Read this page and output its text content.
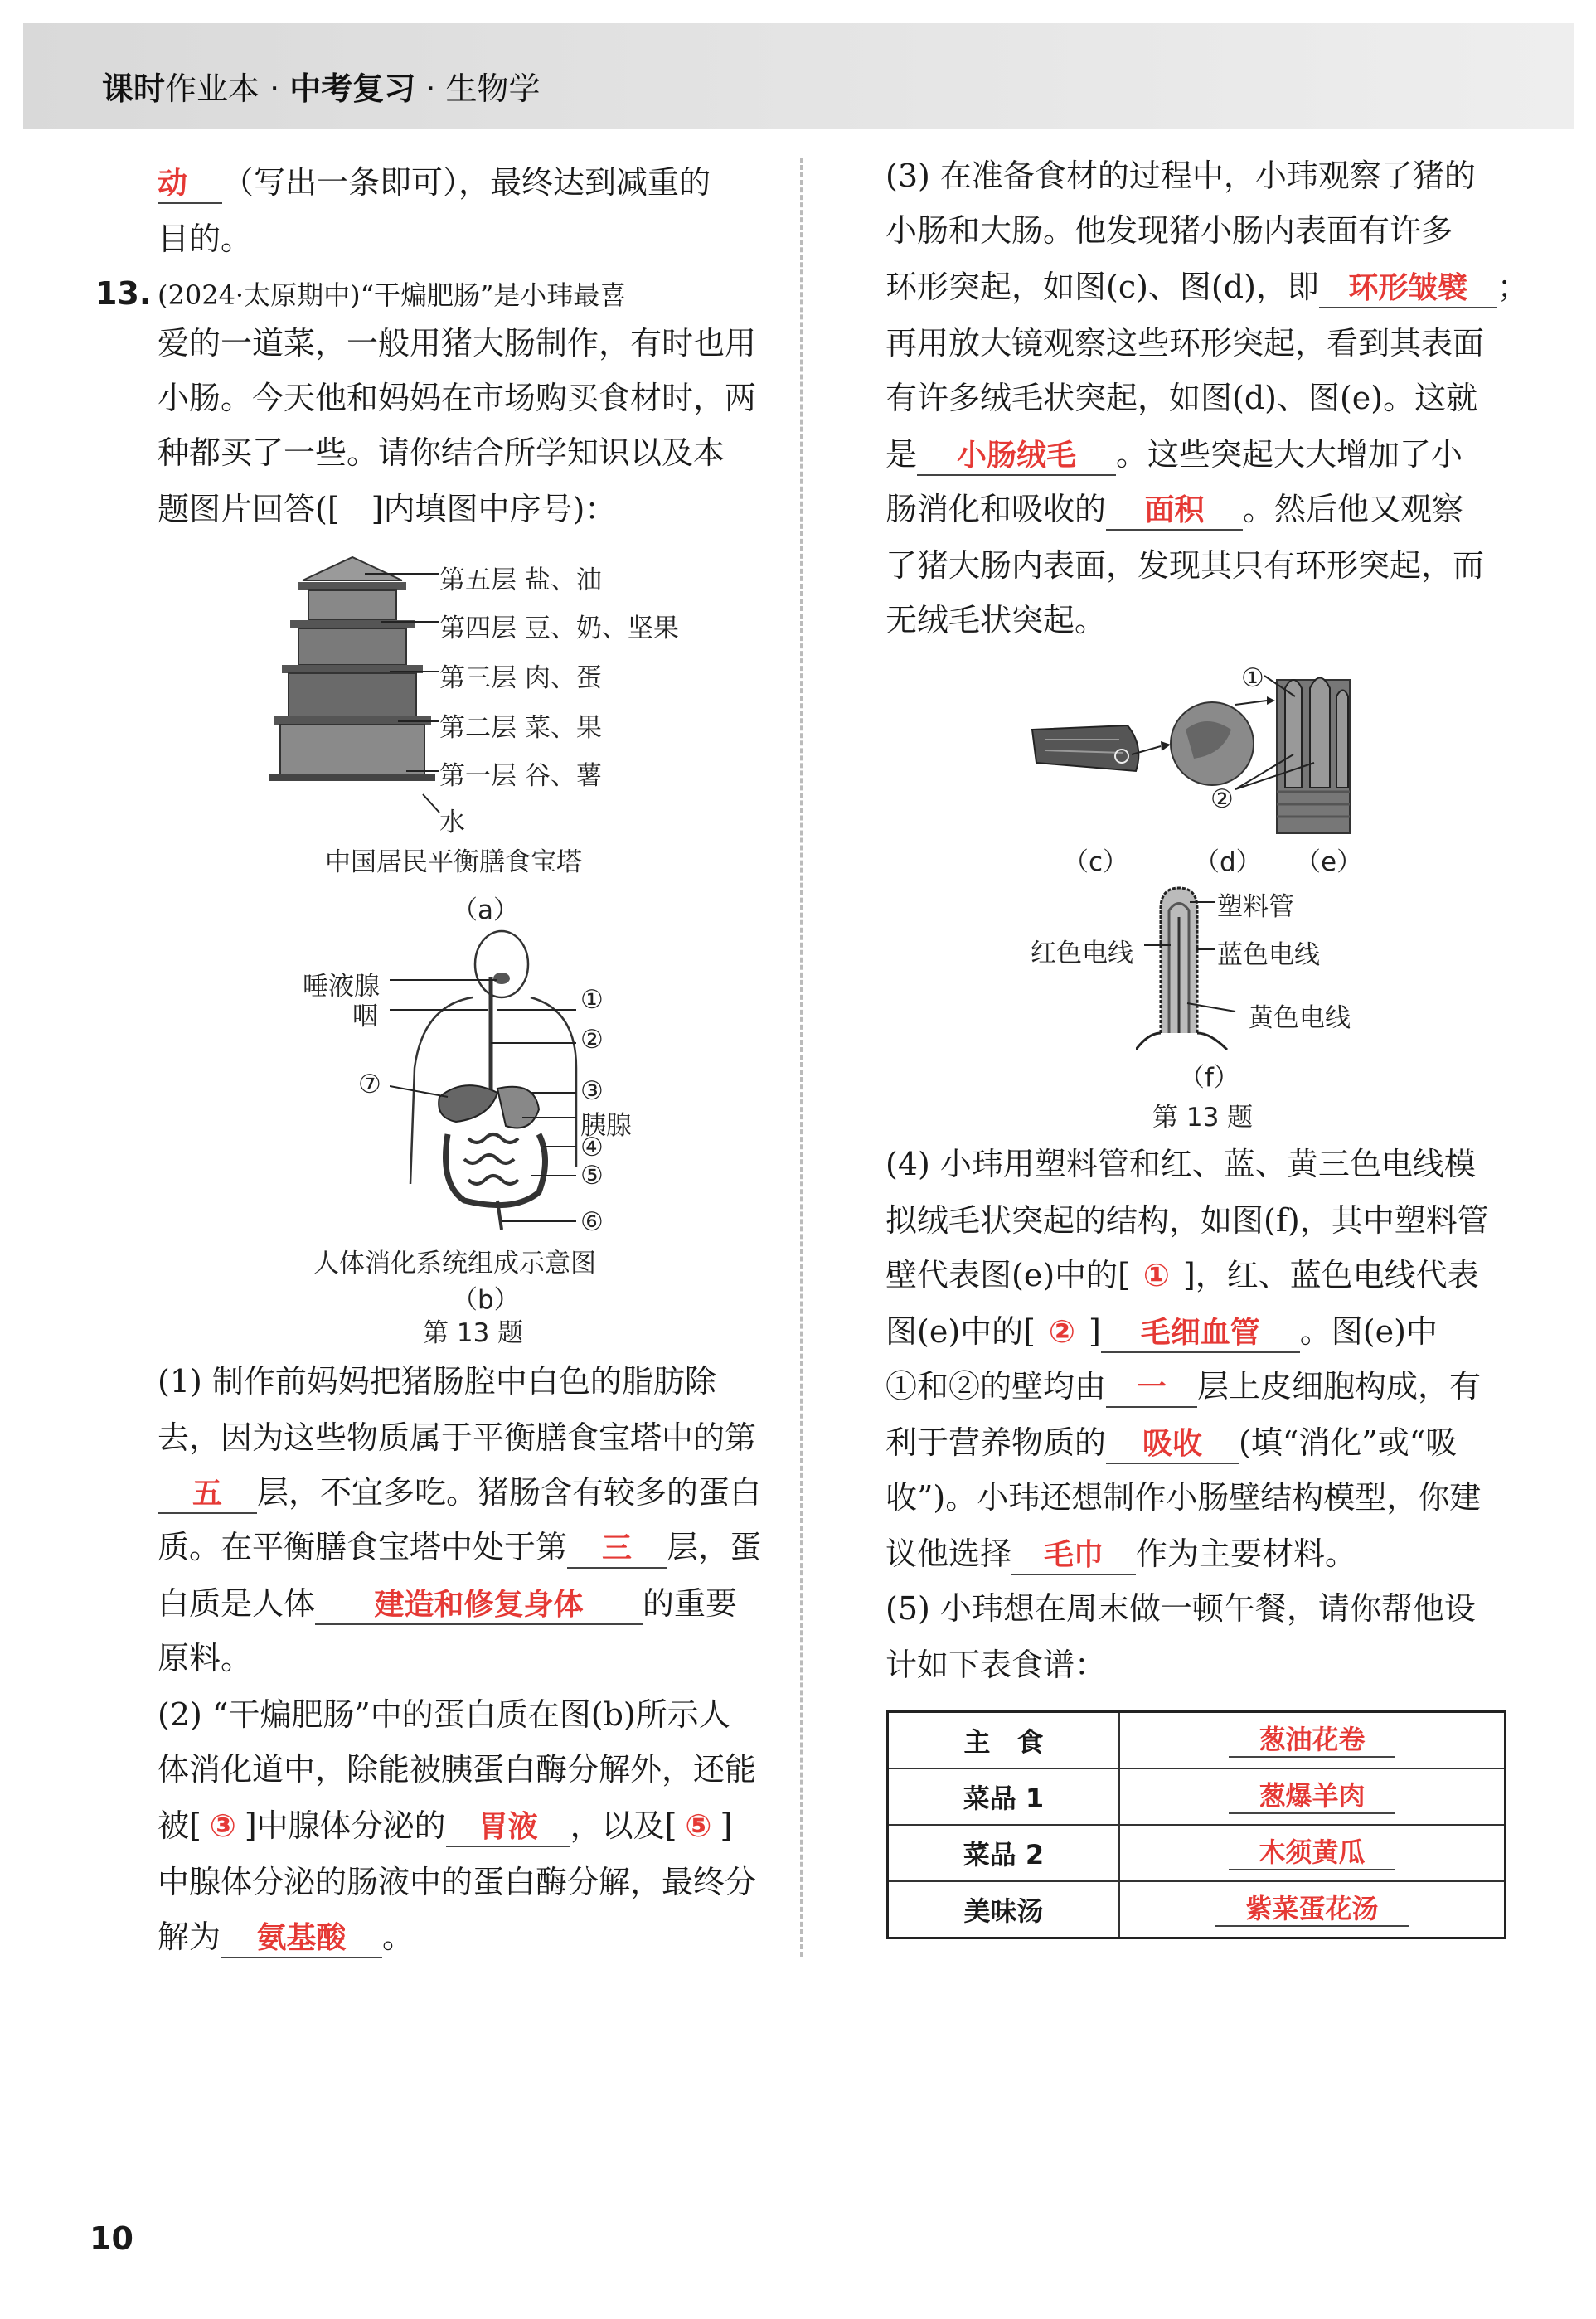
课时作业本 · 中考复习 · 生物学
动 （写出一条即可），最终达到减重的
目的。
13. (2024·太原期中)“干煸肥肠”是小玮最喜
爱的一道菜，一般用猪大肠制作，有时也用
小肠。今天他和妈妈在市场购买食材时，两
种都买了一些。请你结合所学知识以及本
题图片回答([　]内填图中序号)：
第五层 盐、油
第四层 豆、奶、坚果
第三层 肉、蛋
第二层 菜、果
第一层 谷、薯
水
中国居民平衡膳食宝塔
（a）
唾液腺
咽
①
②
⑦	③
胰腺
④
⑤
⑥
人体消化系统组成示意图
（b）
第 13 题
(1) 制作前妈妈把猪肠腔中白色的脂肪除
去，因为这些物质属于平衡膳食宝塔中的第
五 层，不宜多吃。猪肠含有较多的蛋白
质。在平衡膳食宝塔中处于第 三 层，蛋
白质是人体 建造和修复身体 的重要
原料。
(2) “干煸肥肠”中的蛋白质在图(b)所示人
体消化道中，除能被胰蛋白酶分解外，还能
被[ ③ ]中腺体分泌的 胃液 ，以及[ ⑤ ]
中腺体分泌的肠液中的蛋白酶分解，最终分
解为 氨基酸 。
(3) 在准备食材的过程中，小玮观察了猪的
小肠和大肠。他发现猪小肠内表面有许多
环形突起，如图(c)、图(d)，即 环形皱襞 ；
再用放大镜观察这些环形突起，看到其表面
有许多绒毛状突起，如图(d)、图(e)。这就
是 小肠绒毛 。这些突起大大增加了小
肠消化和吸收的 面积 。然后他又观察
了猪大肠内表面，发现其只有环形突起，而
无绒毛状突起。
①
②
（c）	（d） （e）
塑料管
红色电线	蓝色电线
黄色电线
（f）
第 13 题
(4) 小玮用塑料管和红、蓝、黄三色电线模
拟绒毛状突起的结构，如图(f)，其中塑料管
壁代表图(e)中的[ ① ]，红、蓝色电线代表
图(e)中的[ ② ] 毛细血管 。图(e)中
①和②的壁均由 一 层上皮细胞构成，有
利于营养物质的 吸收 (填“消化”或“吸
收”)。小玮还想制作小肠壁结构模型，你建
议他选择 毛巾 作为主要材料。
(5) 小玮想在周末做一顿午餐，请你帮他设
计如下表食谱：
主　食	葱油花卷
菜品 1	葱爆羊肉
菜品 2	木须黄瓜
美味汤	紫菜蛋花汤
10
